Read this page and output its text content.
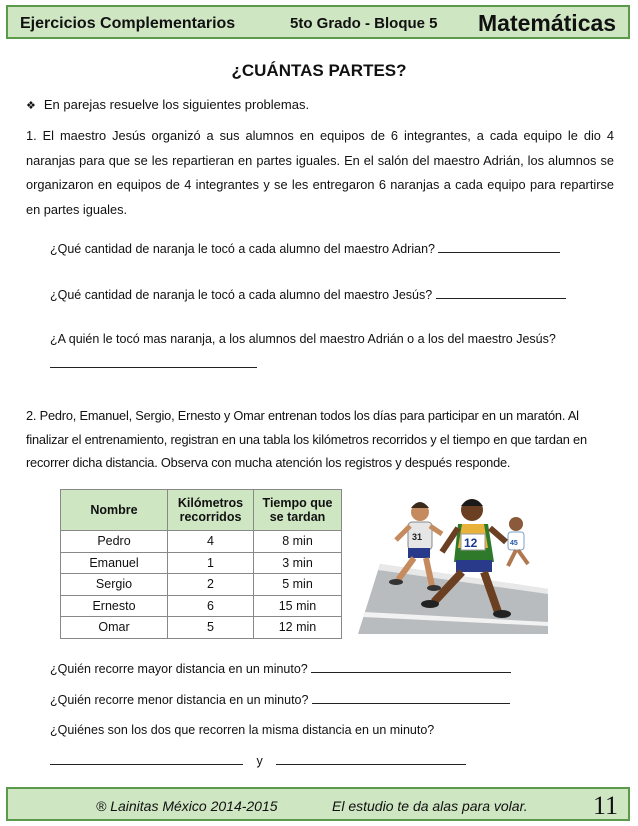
Ejercicios Complementarios	5to Grado - Bloque 5 Matemáticas
¿CUÁNTAS PARTES?
❖ En parejas resuelve los siguientes problemas.
1. El maestro Jesús organizó a sus alumnos en equipos de 6 integrantes, a cada equipo le dio 4 naranjas para que se les repartieran en partes iguales. En el salón del maestro Adrián, los alumnos se organizaron en equipos de 4 integrantes y se les entregaron 6 naranjas a cada equipo para repartirse en partes iguales.
¿Qué cantidad de naranja le tocó a cada alumno del maestro Adrian?
¿Qué cantidad de naranja le tocó a cada alumno del maestro Jesús?
¿A quién le tocó mas naranja, a los alumnos del maestro Adrián o a los del maestro Jesús?
2. Pedro, Emanuel, Sergio, Ernesto y Omar entrenan todos los días para participar en un maratón. Al finalizar el entrenamiento, registran en una tabla los kilómetros recorridos y el tiempo en que tardan en recorrer dicha distancia. Observa con mucha atención los registros y después responde.
Nombre	Kilómetros recorridos	Tiempo que se tardan
Pedro	4	8 min
Emanuel	1	3 min
Sergio	2	5 min
Ernesto	6	15 min
Omar	5	12 min
45
31	12
¿Quién recorre mayor distancia en un minuto?
¿Quién recorre menor distancia en un minuto?
¿Quiénes son los dos que recorren la misma distancia en un minuto?
y
® Lainitas México 2014-2015	El estudio te da alas para volar.	11
